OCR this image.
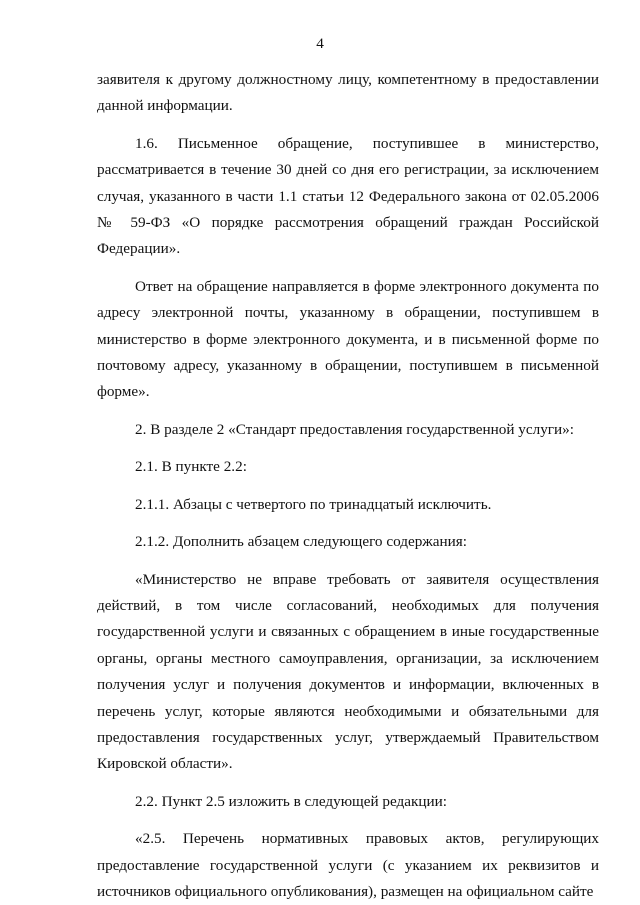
4

заявителя к другому должностному лицу, компетентному в предоставлении данной информации.

1.6. Письменное обращение, поступившее в министерство, рассматривается в течение 30 дней со дня его регистрации, за исключением случая, указанного в части 1.1 статьи 12 Федерального закона от 02.05.2006 № 59-ФЗ «О порядке рассмотрения обращений граждан Российской Федерации».

Ответ на обращение направляется в форме электронного документа по адресу электронной почты, указанному в обращении, поступившем в министерство в форме электронного документа, и в письменной форме по почтовому адресу, указанному в обращении, поступившем в письменной форме».

2. В разделе 2 «Стандарт предоставления государственной услуги»:

2.1. В пункте 2.2:

2.1.1. Абзацы с четвертого по тринадцатый исключить.

2.1.2. Дополнить абзацем следующего содержания:

«Министерство не вправе требовать от заявителя осуществления действий, в том числе согласований, необходимых для получения государственной услуги и связанных с обращением в иные государственные органы, органы местного самоуправления, организации, за исключением получения услуг и получения документов и информации, включенных в перечень услуг, которые являются необходимыми и обязательными для предоставления государственных услуг, утверждаемый Правительством Кировской области».

2.2. Пункт 2.5 изложить в следующей редакции:

«2.5. Перечень нормативных правовых актов, регулирующих предоставление государственной услуги (с указанием их реквизитов и источников официального опубликования), размещен на официальном сайте
